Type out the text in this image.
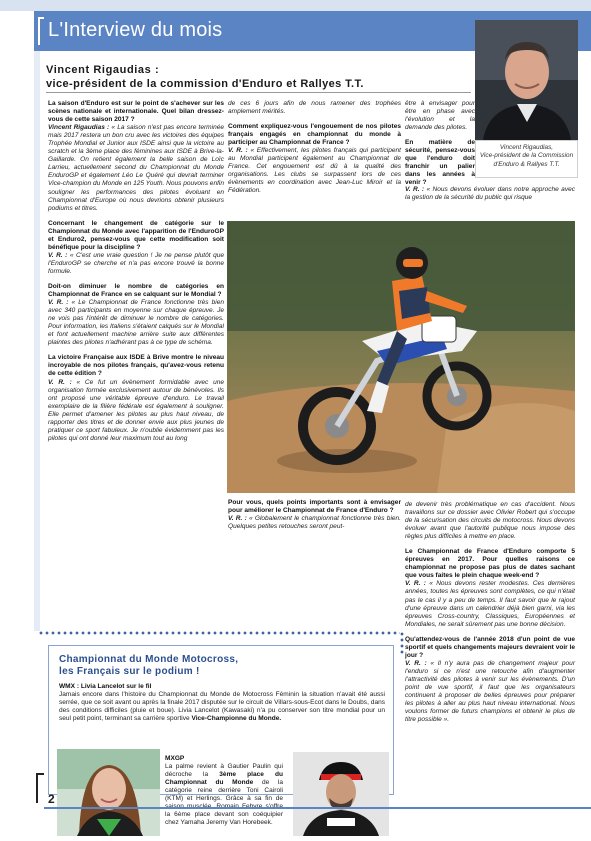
L'Interview du mois
Vincent Rigaudias,
Vice-président de la Commission
d'Enduro & Rallyes T.T.
Vincent Rigaudias :
vice-président de la commission d'Enduro et Rallyes T.T.

La saison d'Enduro est sur le point de s'achever sur les scènes nationale et internationale. Quel bilan dressez-vous de cette saison 2017 ?
Vincent Rigaudias : « La saison n'est pas encore terminée mais 2017 restera un bon cru avec les victoires des équipes Trophée Mondial et Junior aux ISDE ainsi que la victoire au scratch et la 3ème place des féminines aux ISDE à Brive-la-Gaillarde. On retient également la belle saison de Loïc Larrieu, actuellement second du Championnat du Monde EnduroGP et également Léo Le Quéré qui devrait terminer Vice-champion du Monde en 125 Youth. Nous pouvons enfin souligner les performances des pilotes évoluant en Championnat d'Europe où nous devrions obtenir plusieurs podiums et titres.

Concernant le changement de catégorie sur le Championnat du Monde avec l'apparition de l'EnduroGP et Enduro2, pensez-vous que cette modification soit bénéfique pour la discipline ?
V. R. : « C'est une vraie question ! Je ne pense plutôt que l'EnduroGP se cherche et n'a pas encore trouvé la bonne formule.

Doit-on diminuer le nombre de catégories en Championnat de France en se calquant sur le Mondial ?
V. R. : « Le Championnat de France fonctionne très bien avec 340 participants en moyenne sur chaque épreuve. Je ne vois pas l'intérêt de diminuer le nombre de catégories. Pour information, les Italiens s'étaient calqués sur le Mondial et font actuellement machine arrière suite aux différentes plaintes des pilotes n'adhérant pas à ce type de schéma.

La victoire Française aux ISDE à Brive montre le niveau incroyable de nos pilotes français, qu'avez-vous retenu de cette édition ?
V. R. : « Ce fut un évènement formidable avec une organisation formée exclusivement autour de bénévoles. Ils ont proposé une véritable épreuve d'enduro. Le travail exemplaire de la filière fédérale est également à souligner. Elle permet d'amener les pilotes au plus haut niveau, de rapporter des titres et de donner envie aux plus jeunes de pratiquer ce sport fabuleux. Je n'oublie évidemment pas les pilotes qui ont donné leur maximum tout au long

de ces 6 jours afin de nous ramener des trophées amplement mérités.

Comment expliquez-vous l'engouement de nos pilotes français engagés en championnat du monde à participer au Championnat de France ?
V. R. : « Effectivement, les pilotes français qui participent au Mondial participent également au Championnat de France. Cet engouement est dû à la qualité des organisations. Les clubs se surpassent lors de ces évènements en coordination avec Jean-Luc Miroir et la Fédération.

être à envisager pour être en phase avec l'évolution et la demande des pilotes.

En matière de sécurité, pensez-vous que l'enduro doit franchir un palier dans les années à venir ?

V. R. : « Nous devons évoluer dans notre approche avec la gestion de la sécurité du public qui risque

Pour vous, quels points importants sont à envisager pour améliorer le Championnat de France d'Enduro ?
V. R. : « Globalement le championnat fonctionne très bien. Quelques petites retouches seront peut-

de devenir très problématique en cas d'accident. Nous travaillons sur ce dossier avec Olivier Robert qui s'occupe de la sécurisation des circuits de motocross. Nous devons évoluer avant que l'autorité publique nous impose des règles plus difficiles à mettre en place.

Le Championnat de France d'Enduro comporte 5 épreuves en 2017. Pour quelles raisons ce championnat ne propose pas plus de dates sachant que vous faites le plein chaque week-end ?
V. R. : « Nous devons rester modestes. Ces dernières années, toutes les épreuves sont complètes, ce qui n'était pas le cas il y a peu de temps. Il faut savoir que le rajout d'une épreuve dans un calendrier déjà bien garni, via les épreuves Cross-country, Classiques, Européennes et Mondiales, ne serait sûrement pas une bonne décision.

Qu'attendez-vous de l'année 2018 d'un point de vue sportif et quels changements majeurs devraient voir le jour ?
V. R. : « Il n'y aura pas de changement majeur pour l'enduro si ce n'est une retouche afin d'augmenter l'attractivité des pilotes à venir sur les évènements. D'un point de vue sportif, il faut que les organisateurs continuent à proposer de belles épreuves pour préparer les pilotes à aller au plus haut niveau international. Nous voulons former de futurs champions et obtenir le plus de titre possible ».

Championnat du Monde Motocross,
les Français sur le podium !
WMX : Livia Lancelot sur le fil
Jamais encore dans l'histoire du Championnat du Monde de Motocross Féminin la situation n'avait été aussi serrée, que ce soit avant ou après la finale 2017 disputée sur le circuit de Villars-sous-Ecot dans le Doubs, dans des conditions difficiles (pluie et boue). Livia Lancelot (Kawasaki) n'a pu conserver son titre mondial pour un seul petit point, terminant sa carrière sportive Vice-Championne du Monde.
MXGP
La palme revient à Gautier Paulin qui décroche la 3ème place du Championnat du Monde de la catégorie reine derrière Toni Cairoli (KTM) et Herlings. Grâce à sa fin de la 6ème place devant son coéquipier chez Yamaha Jeremy Van Horebeek.
2
